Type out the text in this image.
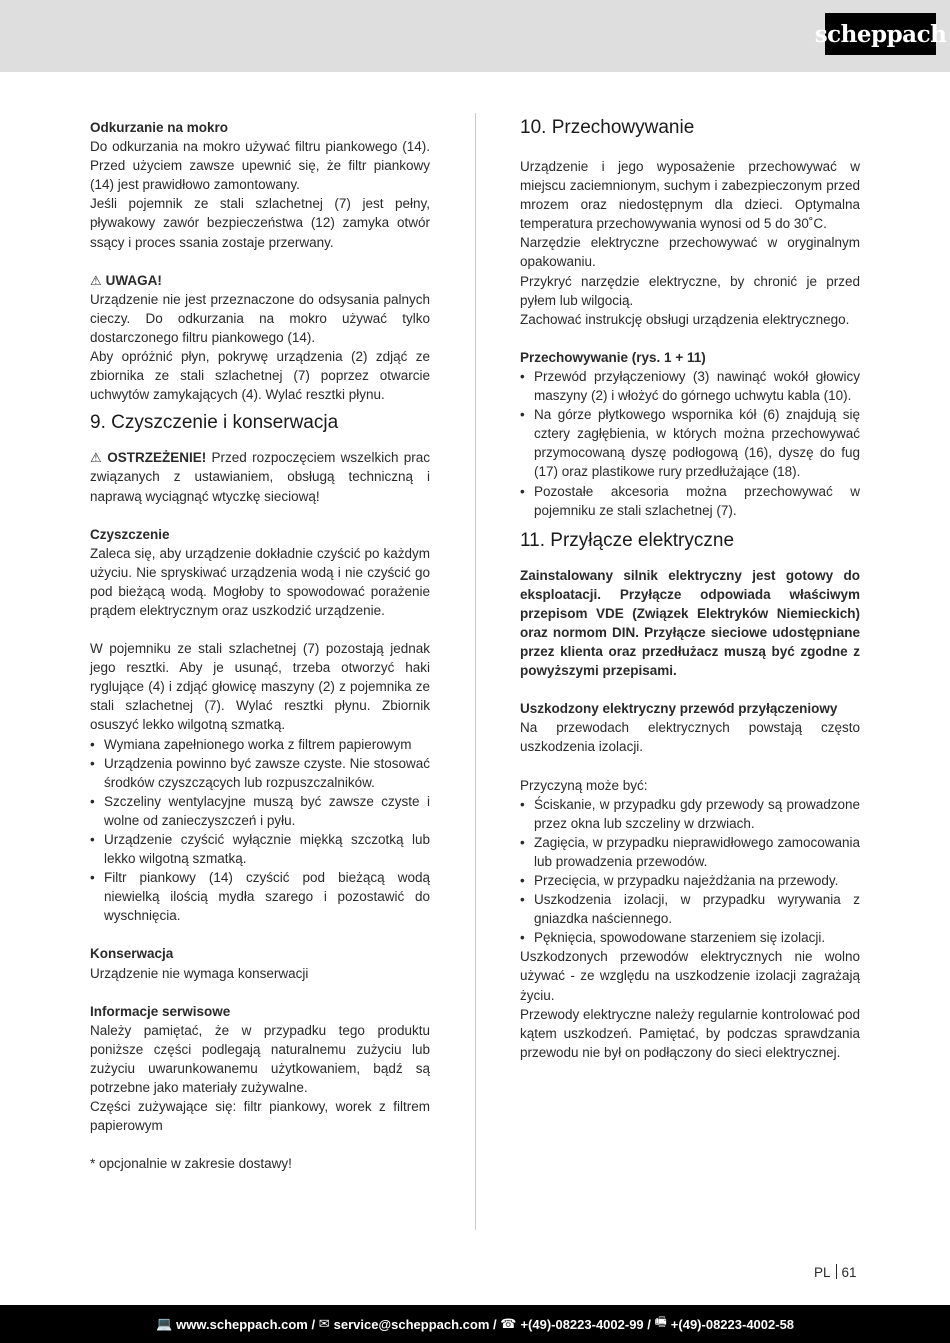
scheppach

Odkurzanie na mokro

Do odkurzania na mokro używać filtru piankowego (14). Przed użyciem zawsze upewnić się, że filtr piankowy (14) jest prawidłowo zamontowany.

Jeśli pojemnik ze stali szlachetnej (7) jest pełny, pływakowy zawór bezpieczeństwa (12) zamyka otwór ssący i proces ssania zostaje przerwany.

⚠ UWAGA!

Urządzenie nie jest przeznaczone do odsysania palnych cieczy. Do odkurzania na mokro używać tylko dostarczonego filtru piankowego (14).

Aby opróżnić płyn, pokrywę urządzenia (2) zdjąć ze zbiornika ze stali szlachetnej (7) poprzez otwarcie uchwytów zamykających (4). Wylać resztki płynu.

9. Czyszczenie i konserwacja

⚠ OSTRZEŻENIE! Przed rozpoczęciem wszelkich prac związanych z ustawianiem, obsługą techniczną i naprawą wyciągnąć wtyczkę sieciową!

Czyszczenie

Zaleca się, aby urządzenie dokładnie czyścić po każdym użyciu. Nie spryskiwać urządzenia wodą i nie czyścić go pod bieżącą wodą. Mogłoby to spowodować porażenie prądem elektrycznym oraz uszkodzić urządzenie.

W pojemniku ze stali szlachetnej (7) pozostają jednak jego resztki. Aby je usunąć, trzeba otworzyć haki ryglujące (4) i zdjąć głowicę maszyny (2) z pojemnika ze stali szlachetnej (7). Wylać resztki płynu. Zbiornik osuszyć lekko wilgotną szmatką.

• Wymiana zapełnionego worka z filtrem papierowym
• Urządzenia powinno być zawsze czyste. Nie stosować środków czyszczących lub rozpuszczalników.
• Szczeliny wentylacyjne muszą być zawsze czyste i wolne od zanieczyszczeń i pyłu.
• Urządzenie czyścić wyłącznie miękką szczotką lub lekko wilgotną szmatką.
• Filtr piankowy (14) czyścić pod bieżącą wodą niewielką ilością mydła szarego i pozostawić do wyschnięcia.

Konserwacja

Urządzenie nie wymaga konserwacji

Informacje serwisowe

Należy pamiętać, że w przypadku tego produktu poniższe części podlegają naturalnemu zużyciu lub zużyciu uwarunkowanemu użytkowaniem, bądź są potrzebne jako materiały zużywalne.

Części zużywające się: filtr piankowy, worek z filtrem papierowym

* opcjonalnie w zakresie dostawy!

10. Przechowywanie

Urządzenie i jego wyposażenie przechowywać w miejscu zaciemnionym, suchym i zabezpieczonym przed mrozem oraz niedostępnym dla dzieci. Optymalna temperatura przechowywania wynosi od 5 do 30˚C.

Narzędzie elektryczne przechowywać w oryginalnym opakowaniu.

Przykryć narzędzie elektryczne, by chronić je przed pyłem lub wilgocią.

Zachować instrukcję obsługi urządzenia elektrycznego.

Przechowywanie (rys. 1 + 11)

• Przewód przyłączeniowy (3) nawinąć wokół głowicy maszyny (2) i włożyć do górnego uchwytu kabla (10).
• Na górze płytkowego wspornika kół (6) znajdują się cztery zagłębienia, w których można przechowywać przymocowaną dyszę podłogową (16), dyszę do fug (17) oraz plastikowe rury przedłużające (18).
• Pozostałe akcesoria można przechowywać w pojemniku ze stali szlachetnej (7).
11. Przyłącze elektryczne

Zainstalowany silnik elektryczny jest gotowy do eksploatacji. Przyłącze odpowiada właściwym przepisom VDE (Związek Elektryków Niemieckich) oraz normom DIN. Przyłącze sieciowe udostępniane przez klienta oraz przedłużacz muszą być zgodne z powyższymi przepisami.

Uszkodzony elektryczny przewód przyłączeniowy

Na przewodach elektrycznych powstają często uszkodzenia izolacji.

Przyczyną może być:

• Ściskanie, w przypadku gdy przewody są prowadzone przez okna lub szczeliny w drzwiach.
• Zagięcia, w przypadku nieprawidłowego zamocowania lub prowadzenia przewodów.
• Przecięcia, w przypadku najeżdżania na przewody.
• Uszkodzenia izolacji, w przypadku wyrywania z gniazdka naściennego.
• Pęknięcia, spowodowane starzeniem się izolacji.

Uszkodzonych przewodów elektrycznych nie wolno używać - ze względu na uszkodzenie izolacji zagrażają życiu.

Przewody elektryczne należy regularnie kontrolować pod kątem uszkodzeń. Pamiętać, by podczas sprawdzania przewodu nie był on podłączony do sieci elektrycznej.

PL 61
💻 www.scheppach.com /
✉ service@scheppach.com /
☎ +(49)-08223-4002-99 /
🖷 +(49)-08223-4002-58
